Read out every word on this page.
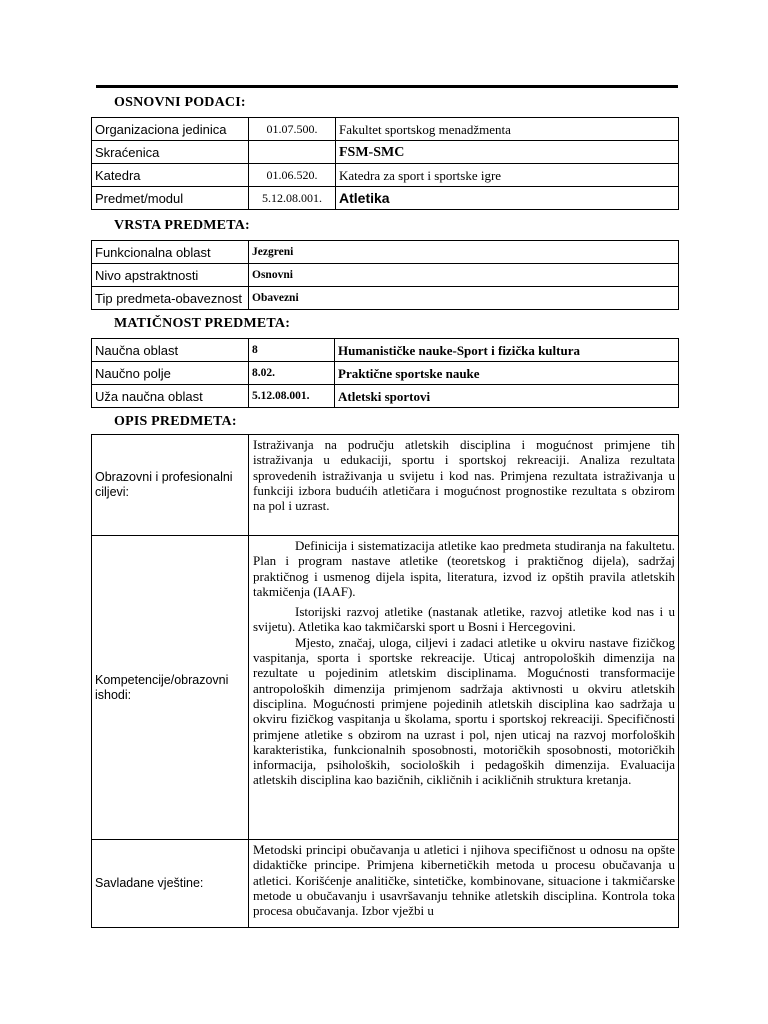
OSNOVNI PODACI:
Organizaciona jedinica	01.07.500.	Fakultet sportskog menadžmenta
Skraćenica		FSM-SMC
Katedra	01.06.520.	Katedra za sport i sportske igre
Predmet/modul	5.12.08.001.	Atletika
VRSTA PREDMETA:
Funkcionalna oblast	Jezgreni
Nivo apstraktnosti	Osnovni
Tip predmeta-obaveznost	Obavezni
MATIČNOST PREDMETA:
Naučna oblast	8	Humanističke nauke-Sport i fizička kultura
Naučno polje	8.02.	Praktične sportske nauke
Uža naučna oblast	5.12.08.001.	Atletski sportovi
OPIS PREDMETA:
Obrazovni i profesionalni ciljevi:	Istraživanja na području atletskih disciplina i mogućnost primjene tih istraživanja u edukaciji, sportu i sportskoj rekreaciji. Analiza rezultata sprovedenih istraživanja u svijetu i kod nas. Primjena rezultata istraživanja u funkciji izbora budućih atletičara i mogućnost prognostike rezultata s obzirom na pol i uzrast.

Kompetencije/obrazovni ishodi:	Definicija i sistematizacija atletike kao predmeta studiranja na fakultetu. Plan i program nastave atletike (teoretskog i praktičnog dijela), sadržaj praktičnog i usmenog dijela ispita, literatura, izvod iz opštih pravila atletskih takmičenja (IAAF).

Istorijski razvoj atletike (nastanak atletike, razvoj atletike kod nas i u svijetu). Atletika kao takmičarski sport u Bosni i Hercegovini.

Mjesto, značaj, uloga, ciljevi i zadaci atletike u okviru nastave fizičkog vaspitanja, sporta i sportske rekreacije. Uticaj antropoloških dimenzija na rezultate u pojedinim atletskim disciplinama. Mogućnosti transformacije antropoloških dimenzija primjenom sadržaja aktivnosti u okviru atletskih disciplina. Mogućnosti primjene pojedinih atletskih disciplina kao sadržaja u okviru fizičkog vaspitanja u školama, sportu i sportskoj rekreaciji. Specifičnosti primjene atletike s obzirom na uzrast i pol, njen uticaj na razvoj morfoloških karakteristika, funkcionalnih sposobnosti, motoričkih sposobnosti, motoričkih informacija, psiholoških, socioloških i pedagoških dimenzija. Evaluacija atletskih disciplina kao bazičnih, cikličnih i acikličnih struktura kretanja.

Savladane vještine:	Metodski principi obučavanja u atletici i njihova specifičnost u odnosu na opšte didaktičke principe. Primjena kibernetičkih metoda u procesu obučavanja u atletici. Korišćenje analitičke, sintetičke, kombinovane, situacione i takmičarske metode u obučavanju i usavršavanju tehnike atletskih disciplina. Kontrola toka procesa obučavanja. Izbor vježbi u
